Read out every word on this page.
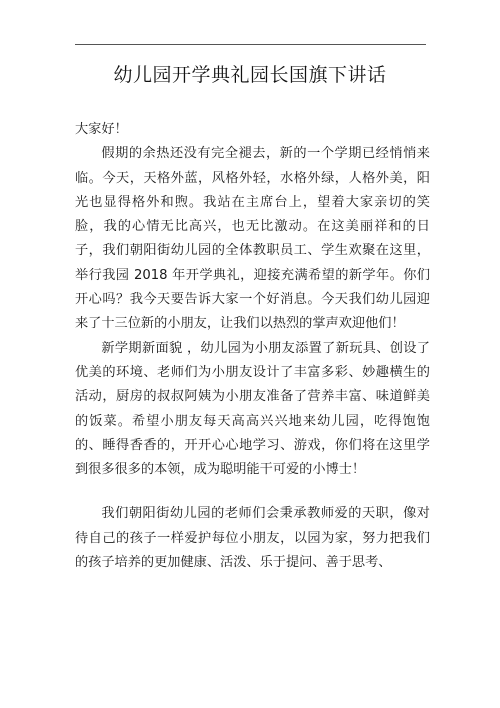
幼儿园开学典礼园长国旗下讲话

大家好！

假期的余热还没有完全褪去，新的一个学期已经悄悄来临。今天，天格外蓝，风格外轻，水格外绿，人格外美，阳光也显得格外和煦。我站在主席台上，望着大家亲切的笑脸，我的心情无比高兴，也无比激动。在这美丽祥和的日子，我们朝阳街幼儿园的全体教职员工、学生欢聚在这里，举行我园 2018 年开学典礼，迎接充满希望的新学年。你们开心吗？我今天要告诉大家一个好消息。今天我们幼儿园迎来了十三位新的小朋友，让我们以热烈的掌声欢迎他们！

新学期新面貌 ，幼儿园为小朋友添置了新玩具、创设了优美的环境、老师们为小朋友设计了丰富多彩、妙趣横生的活动，厨房的叔叔阿姨为小朋友准备了营养丰富、味道鲜美的饭菜。希望小朋友每天高高兴兴地来幼儿园，吃得饱饱的、睡得香香的，开开心心地学习、游戏，你们将在这里学到很多很多的本领，成为聪明能干可爱的小博士！

我们朝阳街幼儿园的老师们会秉承教师爱的天职，像对待自己的孩子一样爱护每位小朋友，以园为家，努力把我们的孩子培养的更加健康、活泼、乐于提问、善于思考、
